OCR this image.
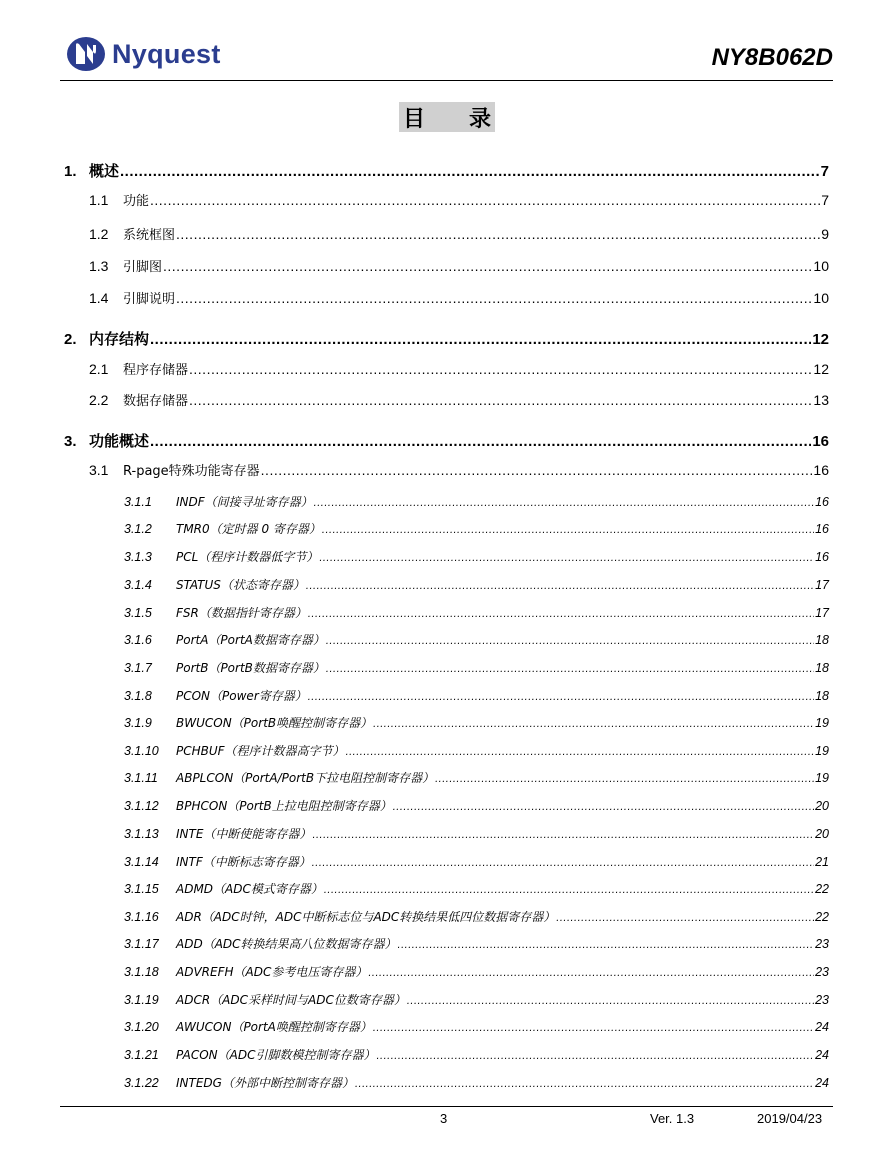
Nyquest	NY8B062D
目 录
1. 概述 .....	7
1.1	功能 .....	7
1.2	系统框图 .....	9
1.3	引脚图 .....	10
1.4	引脚说明 .....	10
2. 内存结构 .....	12
2.1	程序存储器 .....	12
2.2	数据存储器 .....	13
3. 功能概述 .....	16
3.1	R-page特殊功能寄存器 .....	16
3.1.1	INDF（间接寻址寄存器） .....	16
3.1.2	TMR0（定时器 0 寄存器） .....	16
3.1.3	PCL（程序计数器低字节） .....	16
3.1.4	STATUS（状态寄存器） .....	17
3.1.5	FSR（数据指针寄存器） .....	17
3.1.6	PortA（PortA数据寄存器） .....	18
3.1.7	PortB（PortB数据寄存器） .....	18
3.1.8	PCON（Power寄存器） .....	18
3.1.9	BWUCON（PortB唤醒控制寄存器） .....	19
3.1.10	PCHBUF（程序计数器高字节） .....	19
3.1.11	ABPLCON（PortA/PortB下拉电阻控制寄存器） .....	19
3.1.12	BPHCON（PortB上拉电阻控制寄存器） .....	20
3.1.13	INTE（中断使能寄存器） .....	20
3.1.14	INTF（中断标志寄存器） .....	21
3.1.15	ADMD（ADC模式寄存器） .....	22
3.1.16	ADR（ADC时钟，ADC中断标志位与ADC转换结果低四位数据寄存器） .....	22
3.1.17	ADD（ADC转换结果高八位数据寄存器） .....	23
3.1.18	ADVREFH（ADC参考电压寄存器） .....	23
3.1.19	ADCR（ADC采样时间与ADC位数寄存器） .....	23
3.1.20	AWUCON（PortA唤醒控制寄存器） .....	24
3.1.21	PACON（ADC引脚数模控制寄存器） .....	24
3.1.22	INTEDG（外部中断控制寄存器） .....	24
3	Ver. 1.3	2019/04/23
